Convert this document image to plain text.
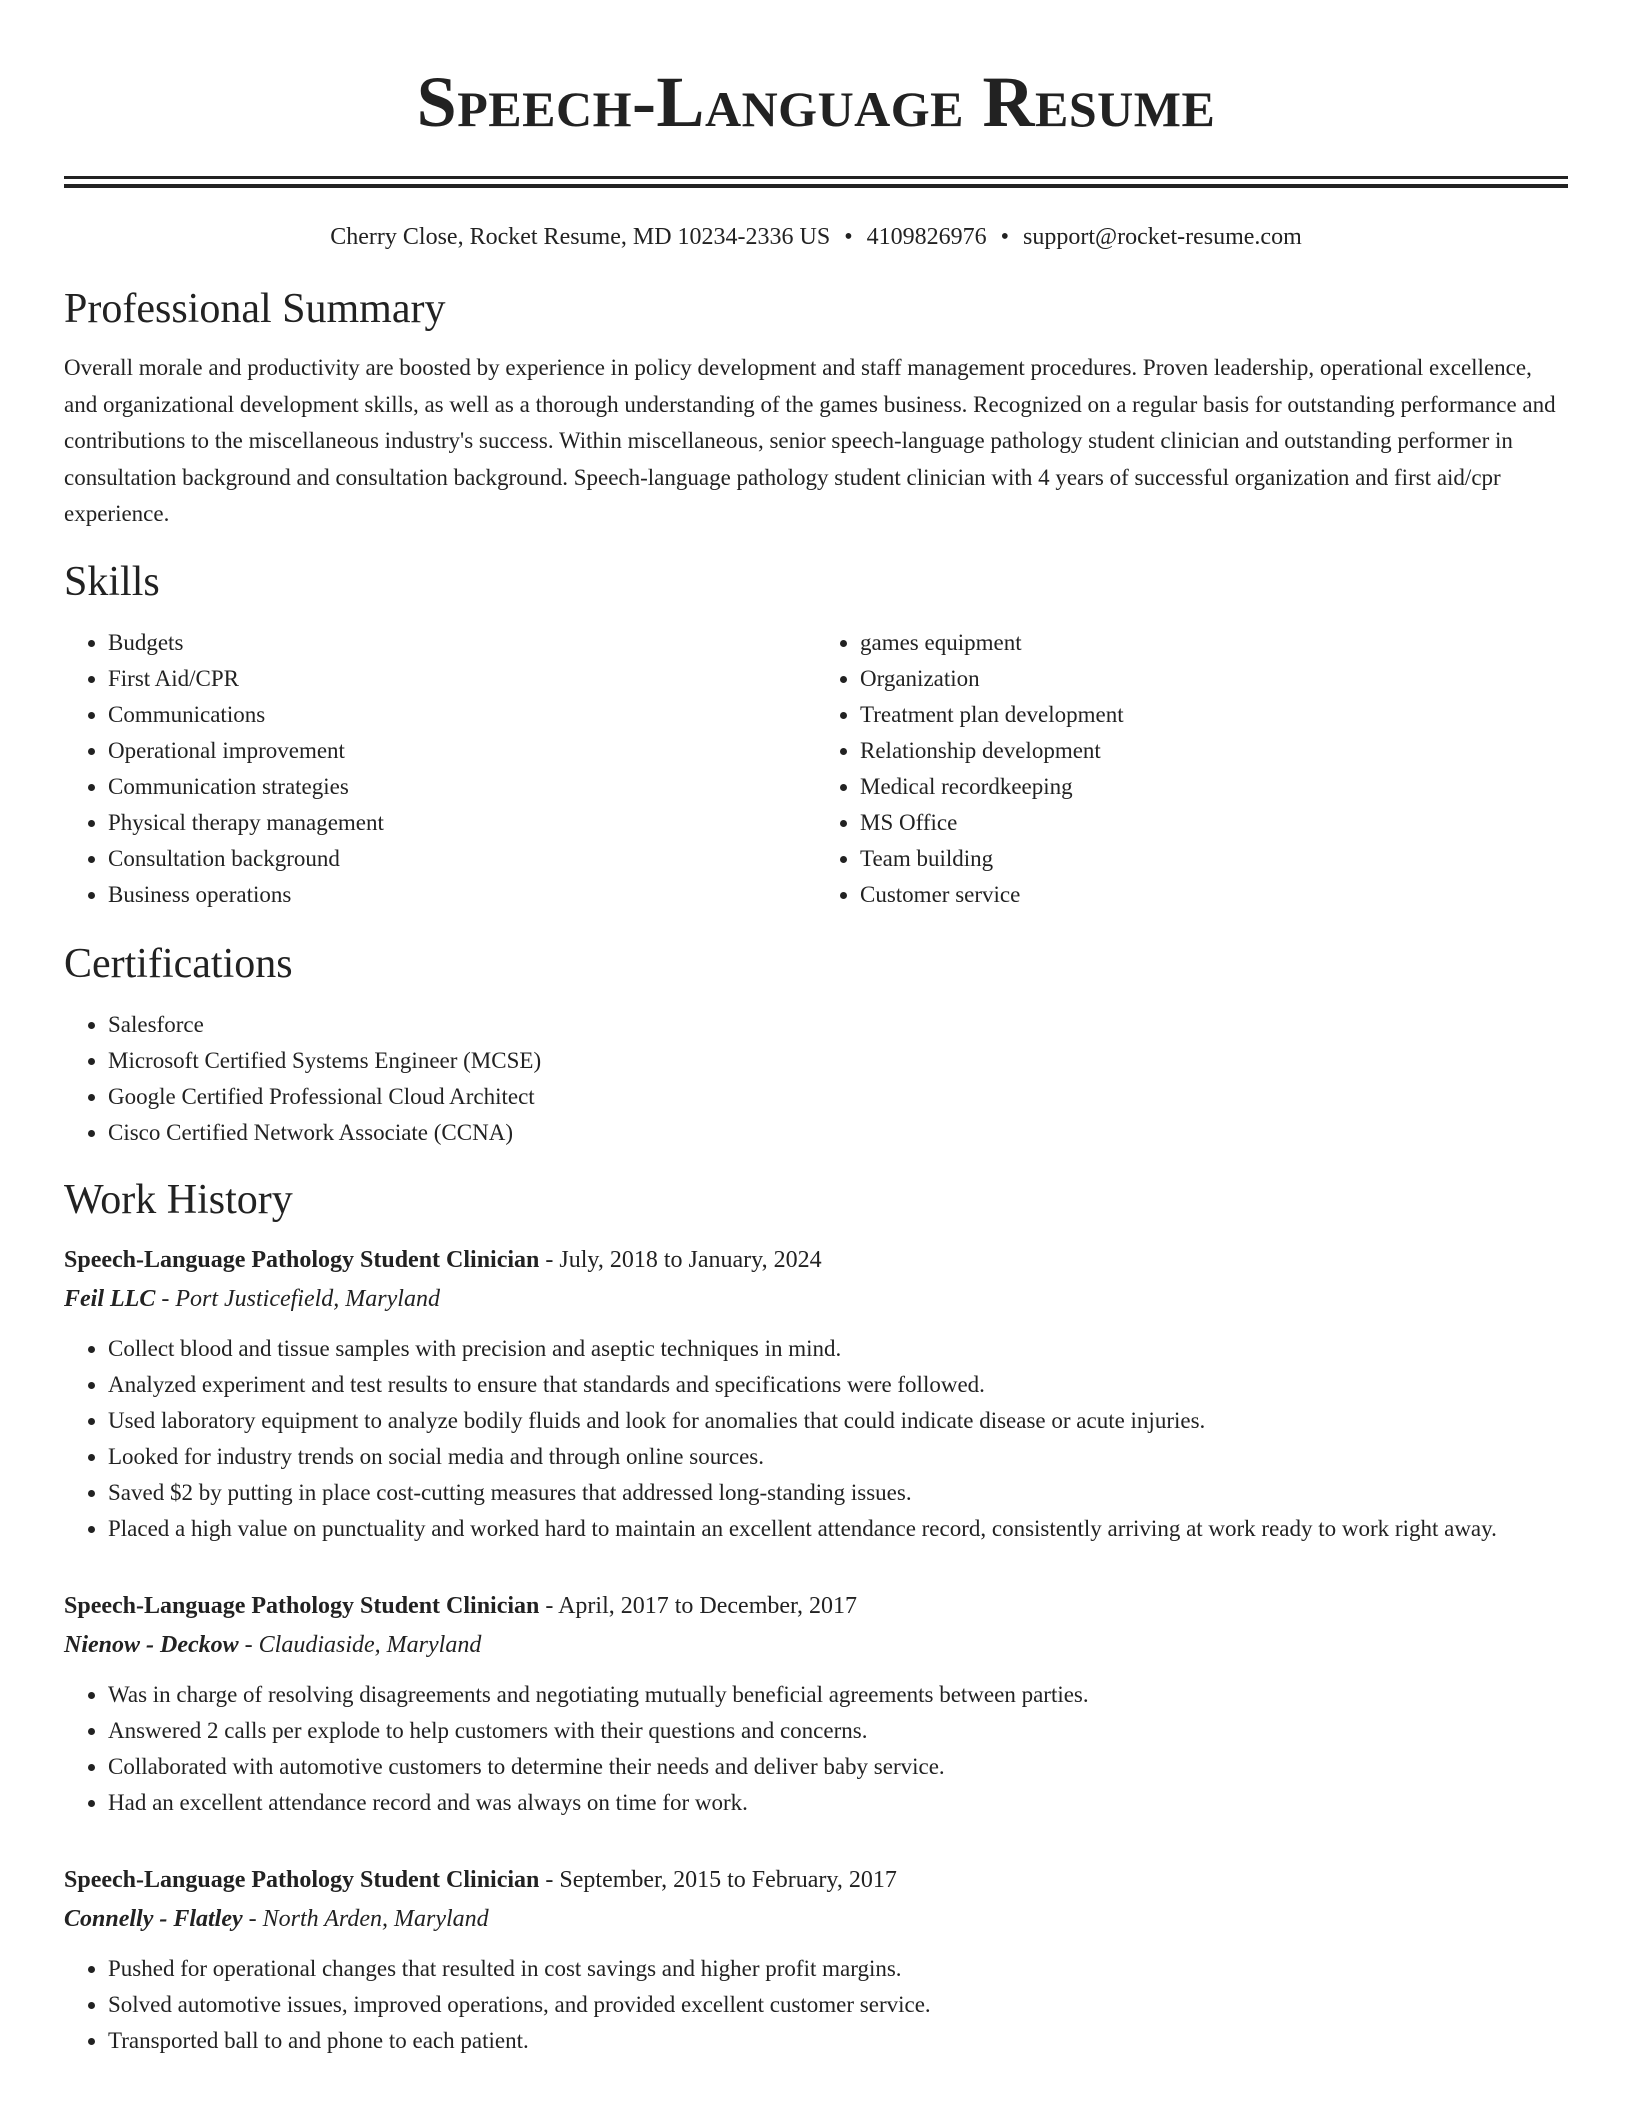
Speech-Language Resume
Cherry Close, Rocket Resume, MD 10234-2336 US • 4109826976 • support@rocket-resume.com
Professional Summary

Overall morale and productivity are boosted by experience in policy development and staff management procedures. Proven leadership, operational excellence, and organizational development skills, as well as a thorough understanding of the games business. Recognized on a regular basis for outstanding performance and contributions to the miscellaneous industry's success. Within miscellaneous, senior speech-language pathology student clinician and outstanding performer in consultation background and consultation background. Speech-language pathology student clinician with 4 years of successful organization and first aid/cpr experience.

Skills
• Budgets
• First Aid/CPR
• Communications
• Operational improvement
• Communication strategies
• Physical therapy management
• Consultation background
• Business operations
• games equipment
• Organization
• Treatment plan development
• Relationship development
• Medical recordkeeping
• MS Office
• Team building
• Customer service
Certifications
• Salesforce
• Microsoft Certified Systems Engineer (MCSE)
• Google Certified Professional Cloud Architect
• Cisco Certified Network Associate (CCNA)
Work History
Speech-Language Pathology Student Clinician - July, 2018 to January, 2024
Feil LLC - Port Justicefield, Maryland
• Collect blood and tissue samples with precision and aseptic techniques in mind.
• Analyzed experiment and test results to ensure that standards and specifications were followed.
• Used laboratory equipment to analyze bodily fluids and look for anomalies that could indicate disease or acute injuries.
• Looked for industry trends on social media and through online sources.
• Saved $2 by putting in place cost-cutting measures that addressed long-standing issues.
• Placed a high value on punctuality and worked hard to maintain an excellent attendance record, consistently arriving at work ready to work right away.
Speech-Language Pathology Student Clinician - April, 2017 to December, 2017
Nienow - Deckow - Claudiaside, Maryland
• Was in charge of resolving disagreements and negotiating mutually beneficial agreements between parties.
• Answered 2 calls per explode to help customers with their questions and concerns.
• Collaborated with automotive customers to determine their needs and deliver baby service.
• Had an excellent attendance record and was always on time for work.
Speech-Language Pathology Student Clinician - September, 2015 to February, 2017
Connelly - Flatley - North Arden, Maryland
• Pushed for operational changes that resulted in cost savings and higher profit margins.
• Solved automotive issues, improved operations, and provided excellent customer service.
• Transported ball to and phone to each patient.
